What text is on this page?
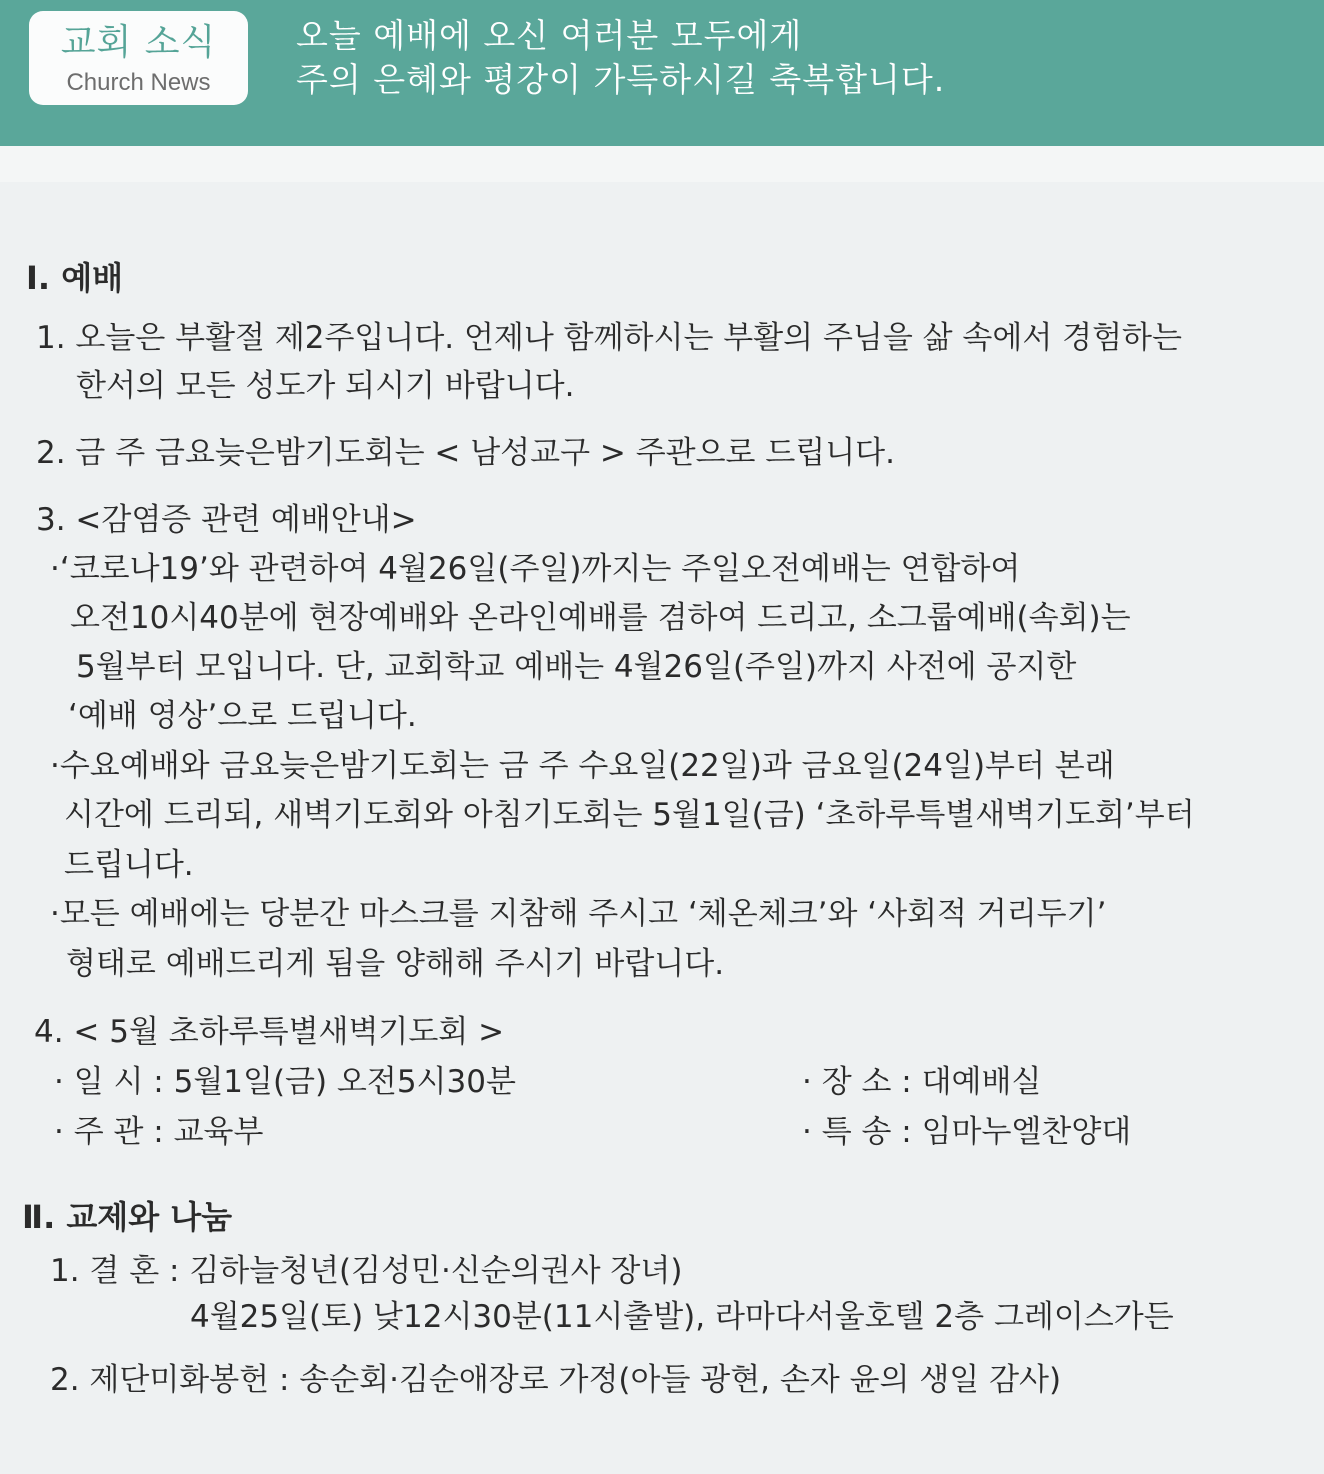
교회 소식
Church News
오늘 예배에 오신 여러분 모두에게
주의 은혜와 평강이 가득하시길 축복합니다.
Ⅰ. 예배
1. 오늘은 부활절 제2주입니다. 언제나 함께하시는 부활의 주님을 삶 속에서 경험하는
한서의 모든 성도가 되시기 바랍니다.
2. 금 주 금요늦은밤기도회는 < 남성교구 > 주관으로 드립니다.
3. <감염증 관련 예배안내>
·‘코로나19’와 관련하여 4월26일(주일)까지는 주일오전예배는 연합하여
오전10시40분에 현장예배와 온라인예배를 겸하여 드리고, 소그룹예배(속회)는
5월부터 모입니다. 단, 교회학교 예배는 4월26일(주일)까지 사전에 공지한
‘예배 영상’으로 드립니다.
·수요예배와 금요늦은밤기도회는 금 주 수요일(22일)과 금요일(24일)부터 본래
시간에 드리되, 새벽기도회와 아침기도회는 5월1일(금) ‘초하루특별새벽기도회’부터
드립니다.
·모든 예배에는 당분간 마스크를 지참해 주시고 ‘체온체크’와 ‘사회적 거리두기’
형태로 예배드리게 됨을 양해해 주시기 바랍니다.
4. < 5월 초하루특별새벽기도회 >
· 일 시 : 5월1일(금) 오전5시30분	· 장 소 : 대예배실
· 주 관 : 교육부	· 특 송 : 임마누엘찬양대
Ⅱ. 교제와 나눔
1. 결 혼 : 김하늘청년(김성민·신순의권사 장녀)
4월25일(토) 낮12시30분(11시출발), 라마다서울호텔 2층 그레이스가든
2. 제단미화봉헌 : 송순회·김순애장로 가정(아들 광현, 손자 윤의 생일 감사)
